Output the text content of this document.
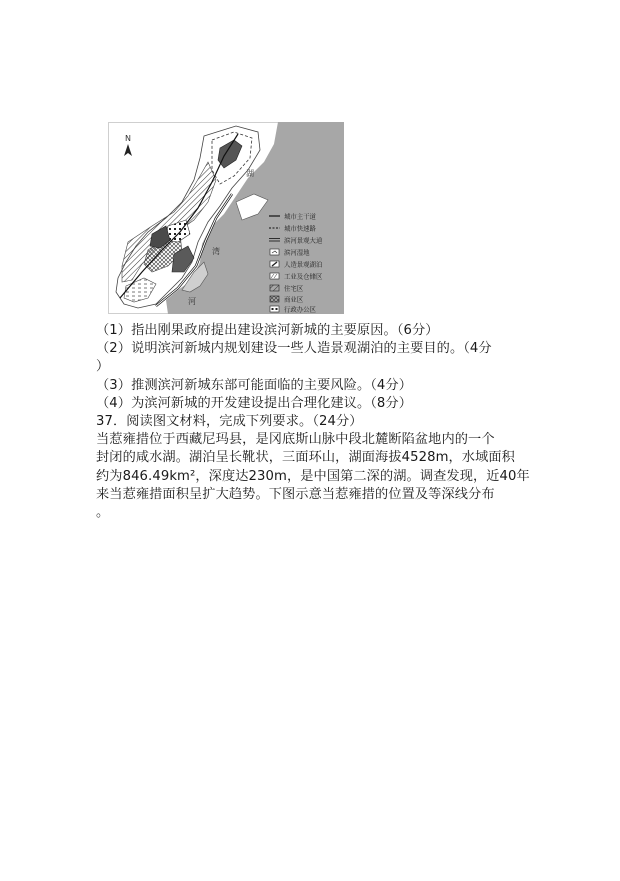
N
湖
湾
河
城市主干道
城市快速路
滨河景观大道
滨河湿地
人造景观湖泊
工业及仓储区
住宅区
商业区
行政办公区
（1）指出刚果政府提出建设滨河新城的主要原因。（6分）
（2）说明滨河新城内规划建设一些人造景观湖泊的主要目的。（4分
）
（3）推测滨河新城东部可能面临的主要风险。（4分）
（4）为滨河新城的开发建设提出合理化建议。（8分）
37．阅读图文材料，完成下列要求。（24分）
当惹雍措位于西藏尼玛县，是冈底斯山脉中段北麓断陷盆地内的一个
封闭的咸水湖。湖泊呈长靴状，三面环山，湖面海拔4528m，水域面积
约为846.49km²，深度达230m，是中国第二深的湖。调查发现，近40年
来当惹雍措面积呈扩大趋势。下图示意当惹雍措的位置及等深线分布
。
